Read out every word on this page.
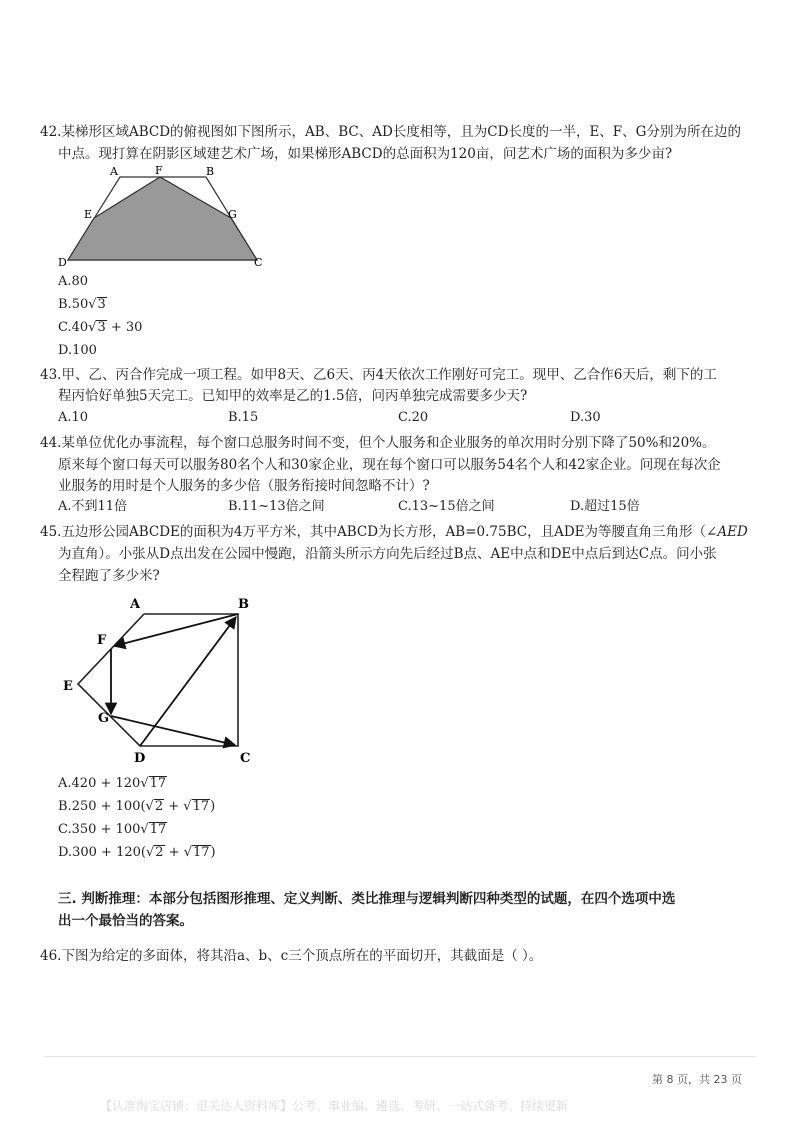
42.某梯形区域ABCD的俯视图如下图所示，AB、BC、AD长度相等，且为CD长度的一半，E、F、G分别为所在边的
中点。现打算在阴影区域建艺术广场，如果梯形ABCD的总面积为120亩，问艺术广场的面积为多少亩?
A	F	B
E	G
D	C
A.80
B.50√3
C.40√3 + 30
D.100
43.甲、乙、丙合作完成一项工程。如甲8天、乙6天、丙4天依次工作刚好可完工。现甲、乙合作6天后，剩下的工
程丙恰好单独5天完工。已知甲的效率是乙的1.5倍，问丙单独完成需要多少天?
A.10	B.15	C.20	D.30
44.某单位优化办事流程，每个窗口总服务时间不变，但个人服务和企业服务的单次用时分别下降了50%和20%。
原来每个窗口每天可以服务80名个人和30家企业，现在每个窗口可以服务54名个人和42家企业。问现在每次企
业服务的用时是个人服务的多少倍（服务衔接时间忽略不计）?
A.不到11倍	B.11~13倍之间	C.13~15倍之间	D.超过15倍
45.五边形公园ABCDE的面积为4万平方米，其中ABCD为长方形，AB=0.75BC，且ADE为等腰直角三角形（∠AED
为直角）。小张从D点出发在公园中慢跑，沿箭头所示方向先后经过B点、AE中点和DE中点后到达C点。问小张
全程跑了多少米?
A	B
F
E
G
D	C
A.420 + 120√17
B.250 + 100(√2 + √17)
C.350 + 100√17
D.300 + 120(√2 + √17)
三. 判断推理：本部分包括图形推理、定义判断、类比推理与逻辑判断四种类型的试题，在四个选项中选
出一个最恰当的答案。
46.下图为给定的多面体，将其沿a、b、c三个顶点所在的平面切开，其截面是（ ）。
第 8 页，共 23 页
【认准淘宝店铺：退关达人资料库】公考、事业编、遴选、考研、一站式备考、持续更新
